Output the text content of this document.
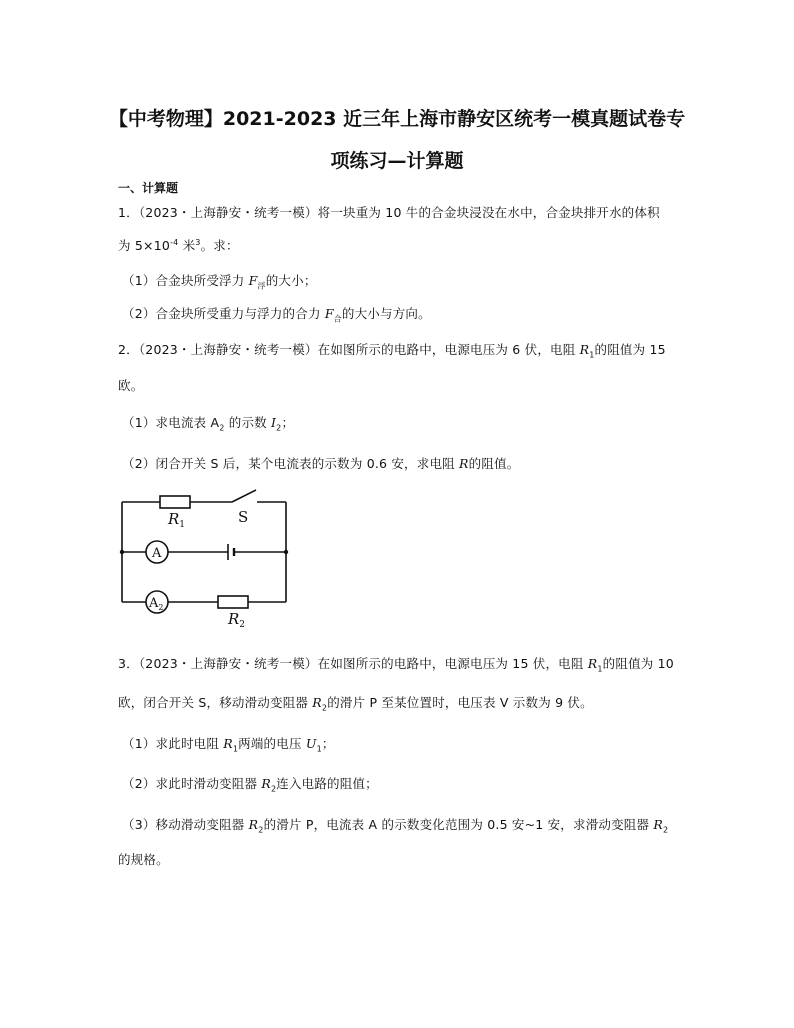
【中考物理】2021-2023 近三年上海市静安区统考一模真题试卷专
项练习—计算题
一、计算题
1．（2023・上海静安・统考一模）将一块重为 10 牛的合金块浸没在水中，合金块排开水的体积
为 $5\times 10^{-4}$ 米$^3$。求：
（1）合金块所受浮力 $F_浮$的大小；
（2）合金块所受重力与浮力的合力 $F_合$的大小与方向。
2．（2023・上海静安・统考一模）在如图所示的电路中，电源电压为 6 伏，电阻 $R_1$的阻值为 15
欧。
（1）求电流表 $A_2$ 的示数 $I_2$；
（2）闭合开关 S 后，某个电流表的示数为 0.6 安，求电阻 R的阻值。
$R_1$	S
A
$A_2$
$R_2$
3．（2023・上海静安・统考一模）在如图所示的电路中，电源电压为 15 伏，电阻 $R_1$的阻值为 10
欧，闭合开关 S，移动滑动变阻器 $R_2$的滑片 P 至某位置时，电压表 V 示数为 9 伏。
（1）求此时电阻 $R_1$两端的电压 $U_1$；
（2）求此时滑动变阻器 $R_2$连入电路的阻值；
（3）移动滑动变阻器 $R_2$的滑片 P，电流表 A 的示数变化范围为 0.5 安~1 安，求滑动变阻器 $R_2$
的规格。
